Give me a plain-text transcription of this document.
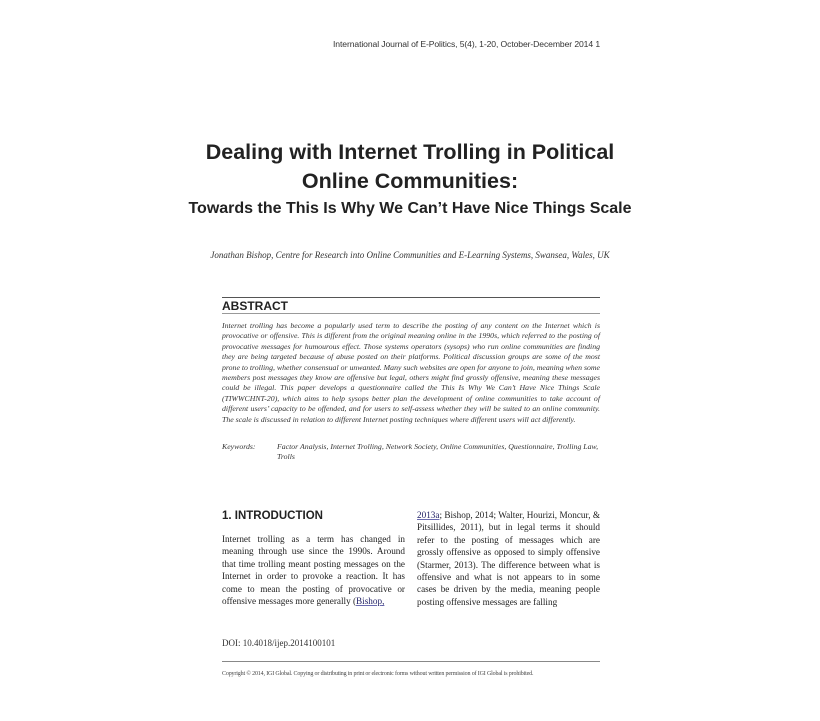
International Journal of E-Politics, 5(4), 1-20, October-December 2014 1
Dealing with Internet Trolling in Political Online Communities:
Towards the This Is Why We Can’t Have Nice Things Scale
Jonathan Bishop, Centre for Research into Online Communities and E-Learning Systems, Swansea, Wales, UK
ABSTRACT

Internet trolling has become a popularly used term to describe the posting of any content on the Internet which is provocative or offensive. This is different from the original meaning online in the 1990s, which referred to the posting of provocative messages for humourous effect. Those systems operators (sysops) who run online communities are finding they are being targeted because of abuse posted on their platforms. Political discussion groups are some of the most prone to trolling, whether consensual or unwanted. Many such websites are open for anyone to join, meaning when some members post messages they know are offensive but legal, others might find grossly offensive, meaning these messages could be illegal. This paper develops a questionnaire called the This Is Why We Can’t Have Nice Things Scale (TIWWCHNT-20), which aims to help sysops better plan the development of online communities to take account of different users’ capacity to be offended, and for users to self-assess whether they will be suited to an online community. The scale is discussed in relation to different Internet posting techniques where different users will act differently.

Keywords:	Factor Analysis, Internet Trolling, Network Society, Online Communities, Questionnaire, Trolling Law, Trolls
1. INTRODUCTION

Internet trolling as a term has changed in meaning through use since the 1990s. Around that time trolling meant posting messages on the Internet in order to provoke a reaction. It has come to mean the posting of provocative or offensive messages more generally (Bishop,

2013a; Bishop, 2014; Walter, Hourizi, Moncur, & Pitsillides, 2011), but in legal terms it should refer to the posting of messages which are grossly offensive as opposed to simply offensive (Starmer, 2013). The difference between what is offensive and what is not appears to in some cases be driven by the media, meaning people posting offensive messages are falling

DOI: 10.4018/ijep.2014100101
Copyright © 2014, IGI Global. Copying or distributing in print or electronic forms without written permission of IGI Global is prohibited.
